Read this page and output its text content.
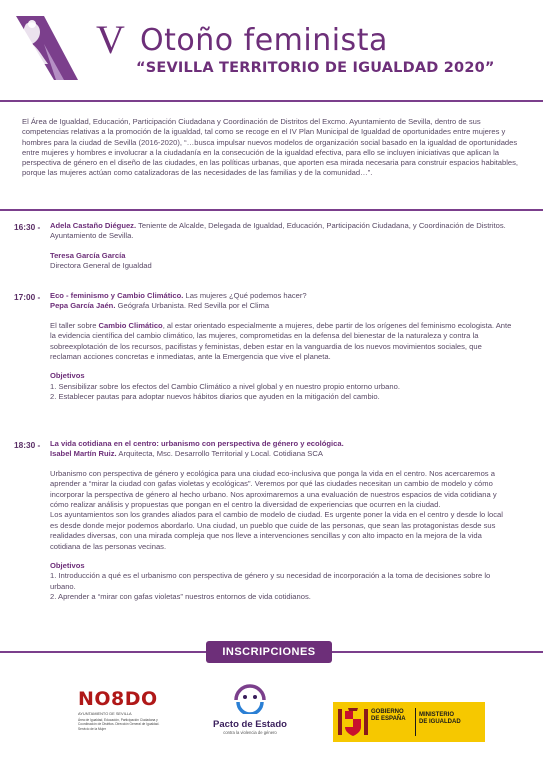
V Otoño feminista
“SEVILLA TERRITORIO DE IGUALDAD 2020”
El Área de Igualdad, Educación, Participación Ciudadana y Coordinación de Distritos del Excmo. Ayuntamiento de Sevilla, dentro de sus competencias relativas a la promoción de la igualdad, tal como se recoge en el IV Plan Municipal de Igualdad de oportunidades entre mujeres y hombres para la ciudad de Sevilla (2016-2020), “…busca impulsar nuevos modelos de organización social basado en la igualdad de oportunidades entre mujeres y hombres e involucrar a la ciudadanía en la consecución de la igualdad efectiva, para ello se incluyen iniciativas que aplican la perspectiva de género en el diseño de las ciudades, en las políticas urbanas, que aporten esa mirada necesaria para construir espacios habitables, porque las mujeres actúan como catalizadoras de las necesidades de las familias y de la comunidad…”.
16:30 - Adela Castaño Diéguez. Teniente de Alcalde, Delegada de Igualdad, Educación, Participación Ciudadana, y Coordinación de Distritos. Ayuntamiento de Sevilla.

Teresa García García

Directora General de Igualdad

17:00 - Eco - feminismo y Cambio Climático. Las mujeres ¿Qué podemos hacer?

Pepa García Jaén. Geógrafa Urbanista. Red Sevilla por el Clima

El taller sobre Cambio Climático, al estar orientado especialmente a mujeres, debe partir de los orígenes del feminismo ecologista. Ante la evidencia científica del cambio climático, las mujeres, comprometidas en la defensa del bienestar de la naturaleza y contra la sobreexplotación de los recursos, pacifistas y feministas, deben estar en la vanguardia de los nuevos movimientos sociales, que reclaman acciones concretas e inmediatas, ante la Emergencia que vive el planeta.

Objetivos

1. Sensibilizar sobre los efectos del Cambio Climático a nivel global y en nuestro propio entorno urbano.

2. Establecer pautas para adoptar nuevos hábitos diarios que ayuden en la mitigación del cambio.

18:30 - La vida cotidiana en el centro: urbanismo con perspectiva de género y ecológica.

Isabel Martín Ruiz. Arquitecta, Msc. Desarrollo Territorial y Local. Cotidiana SCA

Urbanismo con perspectiva de género y ecológica para una ciudad eco-inclusiva que ponga la vida en el centro. Nos acercaremos a aprender a “mirar la ciudad con gafas violetas y ecológicas”. Veremos por qué las ciudades necesitan un cambio de modelo y cómo incorporar la perspectiva de género al hecho urbano. Nos aproximaremos a una evaluación de nuestros espacios de vida cotidiana y cómo realizar análisis y propuestas que pongan en el centro la diversidad de experiencias que ocurren en la ciudad.

Los ayuntamientos son los grandes aliados para el cambio de modelo de ciudad. Es urgente poner la vida en el centro y desde lo local es desde donde mejor podemos abordarlo. Una ciudad, un pueblo que cuide de las personas, que sean las protagonistas desde sus realidades diversas, con una mirada compleja que nos lleve a intervenciones sencillas y con alto impacto en la mejora de la vida cotidiana de las personas vecinas.

Objetivos

1. Introducción a qué es el urbanismo con perspectiva de género y su necesidad de incorporación a la toma de decisiones sobre lo urbano.

2. Aprender a “mirar con gafas violetas” nuestros entornos de vida cotidianos.

INSCRIPCIONES
NO8DO
AYUNTAMIENTO DE SEVILLA
Área de Igualdad, Educación, Participación Ciudadana y Coordinación de Distritos. Dirección General de Igualdad. Servicio de la Mujer	Pacto de Estado
contra la violencia de género
GOBIERNO
DE ESPAÑA
MINISTERIO
DE IGUALDAD
